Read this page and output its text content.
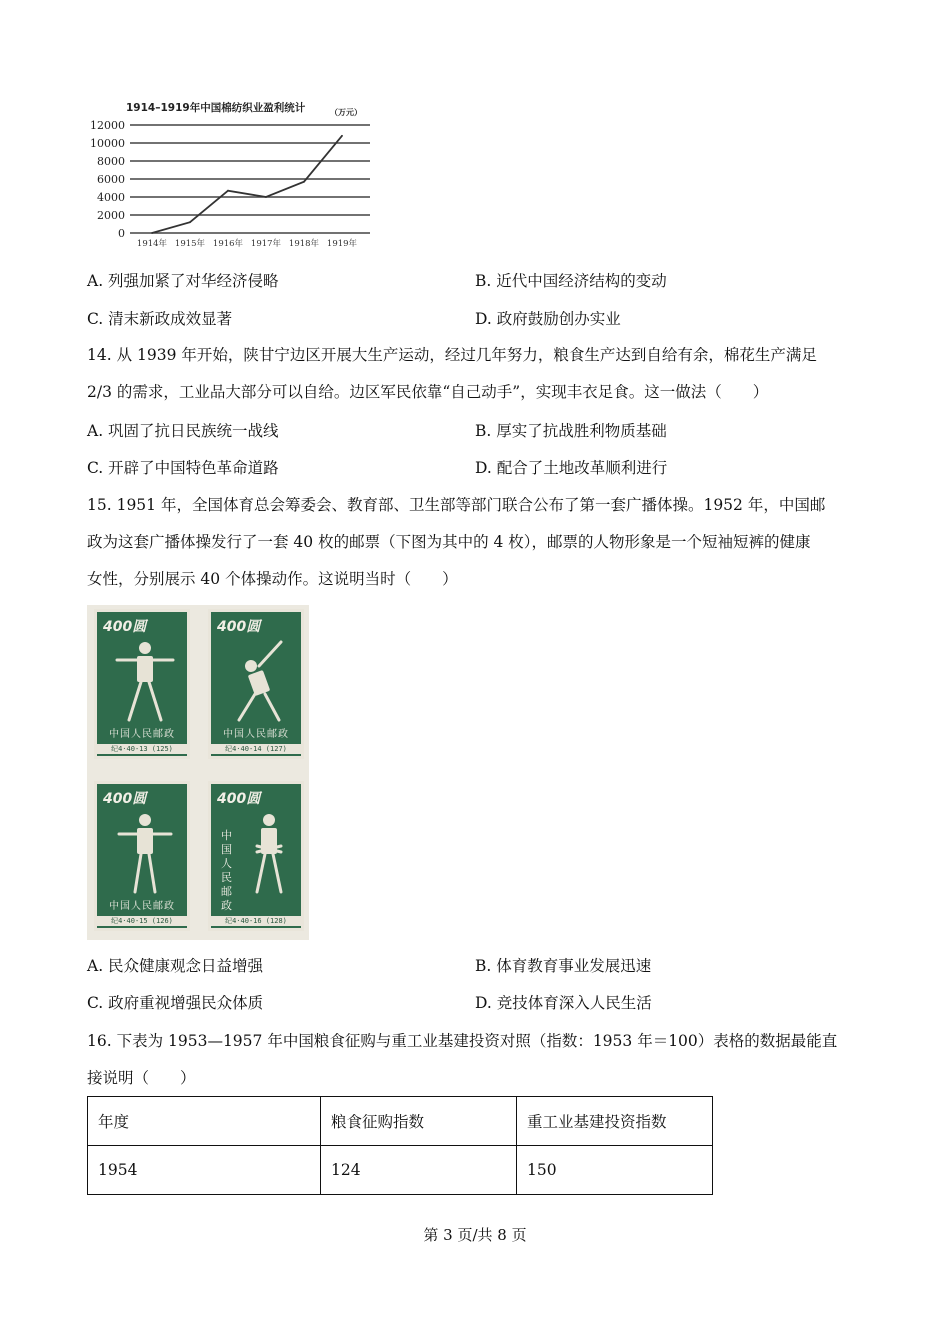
1914–1919年中国棉纺织业盈利统计	（万元）
0
2000
4000
6000
8000
10000
12000
1914年 1915年 1916年 1917年 1918年 1919年
A. 列强加紧了对华经济侵略	B. 近代中国经济结构的变动
C. 清末新政成效显著	D. 政府鼓励创办实业
14. 从 1939 年开始，陕甘宁边区开展大生产运动，经过几年努力，粮食生产达到自给有余，棉花生产满足
2/3 的需求，工业品大部分可以自给。边区军民依靠“自己动手”，实现丰衣足食。这一做法（　　）
A. 巩固了抗日民族统一战线	B. 厚实了抗战胜利物质基础
C. 开辟了中国特色革命道路	D. 配合了土地改革顺利进行
15. 1951 年，全国体育总会筹委会、教育部、卫生部等部门联合公布了第一套广播体操。1952 年，中国邮
政为这套广播体操发行了一套 40 枚的邮票（下图为其中的 4 枚），邮票的人物形象是一个短袖短裤的健康
女性，分别展示 40 个体操动作。这说明当时（　　）
400圆
中国人民邮政
纪4·40-13 (125)
400圆
中国人民邮政
纪4·40-14 (127)
400圆
中国人民邮政
纪4·40-15 (126)
400圆
中国人民邮政
纪4·40-16 (128)
A. 民众健康观念日益增强	B. 体育教育事业发展迅速
C. 政府重视增强民众体质	D. 竞技体育深入人民生活
16. 下表为 1953—1957 年中国粮食征购与重工业基建投资对照（指数：1953 年＝100）表格的数据最能直
接说明（　　）
年度	粮食征购指数	重工业基建投资指数
1954	124	150
第 3 页/共 8 页
